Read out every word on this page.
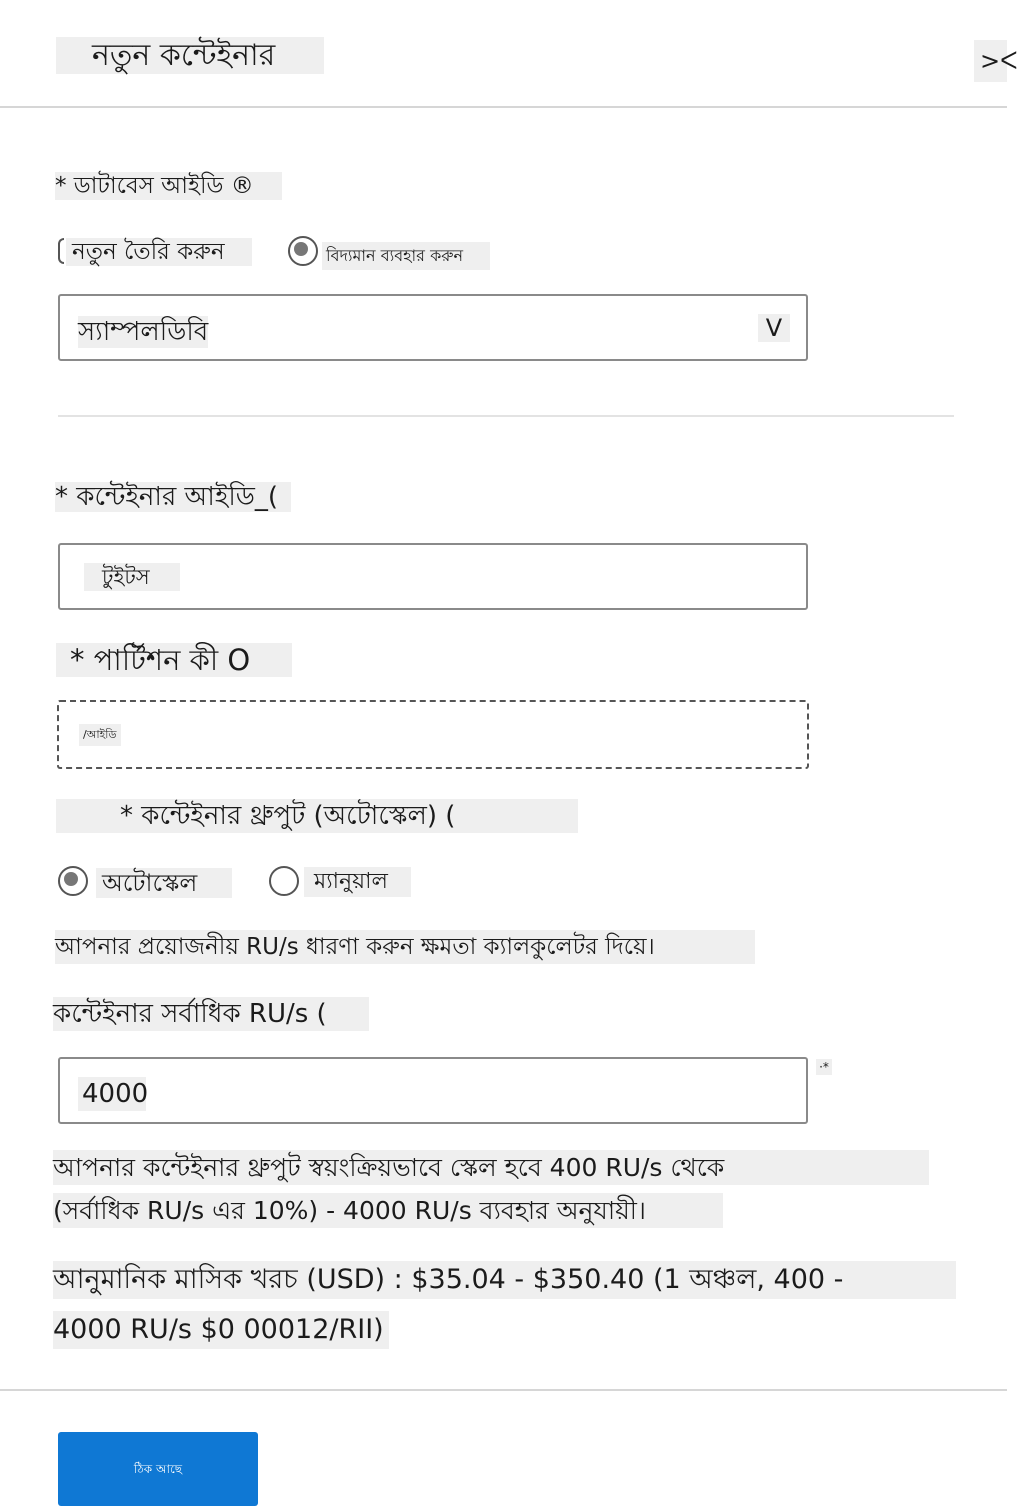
নতুন কন্টেইনার	>ᐸ
* ডাটাবেস আইডি ®
নতুন তৈরি করুন	বিদ্যমান ব্যবহার করুন
স্যাম্পলডিবি	V
* কন্টেইনার আইডি_(
টুইটস
* পার্টিশন কী O
/আইডি
* কন্টেইনার থ্রুপুট (অটোস্কেল) (
অটোস্কেল	ম্যানুয়াল
আপনার প্রয়োজনীয় RU/s ধারণা করুন ক্ষমতা ক্যালকুলেটর দিয়ে।
কন্টেইনার সর্বাধিক RU/s (
4000
·*
আপনার কন্টেইনার থ্রুপুট স্বয়ংক্রিয়ভাবে স্কেল হবে 400 RU/s থেকে
(সর্বাধিক RU/s এর 10%) - 4000 RU/s ব্যবহার অনুযায়ী।
আনুমানিক মাসিক খরচ (USD) : $35.04 - $350.40 (1 অঞ্চল, 400 -
4000 RU/s $0 00012/RII)
ঠিক আছে
